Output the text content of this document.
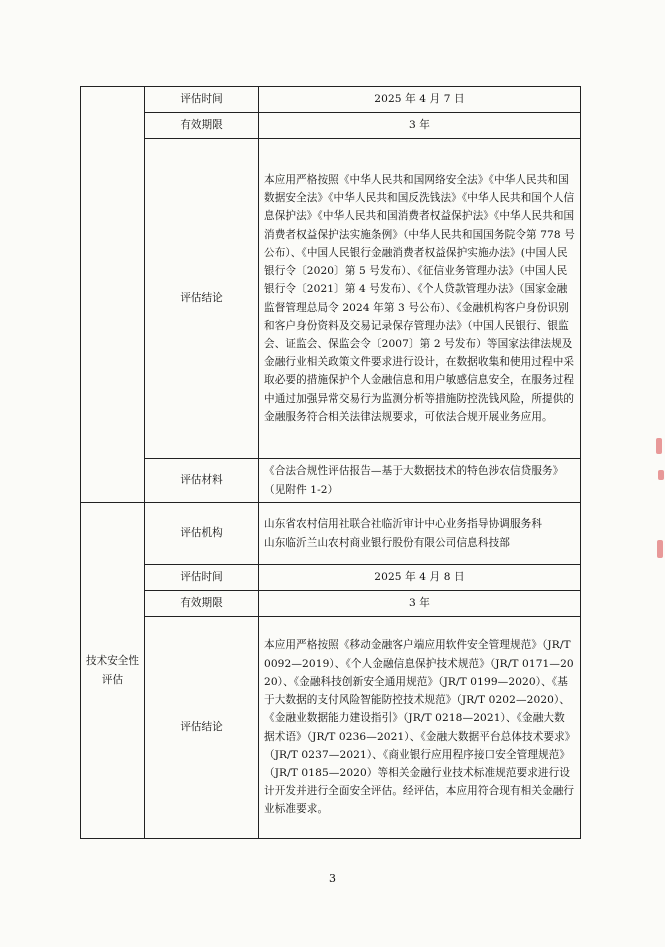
	评估时间	2025 年 4 月 7 日
	有效期限	3 年
	评估结论	本应用严格按照《中华人民共和国网络安全法》《中华人民共和国数据安全法》《中华人民共和国反洗钱法》《中华人民共和国个人信息保护法》《中华人民共和国消费者权益保护法》《中华人民共和国消费者权益保护法实施条例》（中华人民共和国国务院令第 778 号公布）、《中国人民银行金融消费者权益保护实施办法》(中国人民银行令〔2020〕第 5 号发布）、《征信业务管理办法》（中国人民银行令〔2021〕第 4 号发布）、《个人贷款管理办法》（国家金融监督管理总局令 2024 年第 3 号公布）、《金融机构客户身份识别和客户身份资料及交易记录保存管理办法》（中国人民银行、银监会、证监会、保监会令〔2007〕第 2 号发布）等国家法律法规及金融行业相关政策文件要求进行设计，在数据收集和使用过程中采取必要的措施保护个人金融信息和用户敏感信息安全，在服务过程中通过加强异常交易行为监测分析等措施防控洗钱风险，所提供的金融服务符合相关法律法规要求，可依法合规开展业务应用。
	评估材料	《合法合规性评估报告—基于大数据技术的特色涉农信贷服务》（见附件 1-2）
技术安全性评估	评估机构	山东省农村信用社联合社临沂审计中心业务指导协调服务科

山东临沂兰山农村商业银行股份有限公司信息科技部

	评估时间	2025 年 4 月 8 日
	有效期限	3 年
	评估结论	本应用严格按照《移动金融客户端应用软件安全管理规范》（JR/T 0092—2019）、《个人金融信息保护技术规范》（JR/T 0171—2020）、《金融科技创新安全通用规范》（JR/T 0199—2020）、《基于大数据的支付风险智能防控技术规范》（JR/T 0202—2020）、《金融业数据能力建设指引》（JR/T 0218—2021）、《金融大数据术语》（JR/T 0236—2021）、《金融大数据平台总体技术要求》（JR/T 0237—2021）、《商业银行应用程序接口安全管理规范》（JR/T 0185—2020）等相关金融行业技术标准规范要求进行设计开发并进行全面安全评估。经评估，本应用符合现有相关金融行业标准要求。
3
